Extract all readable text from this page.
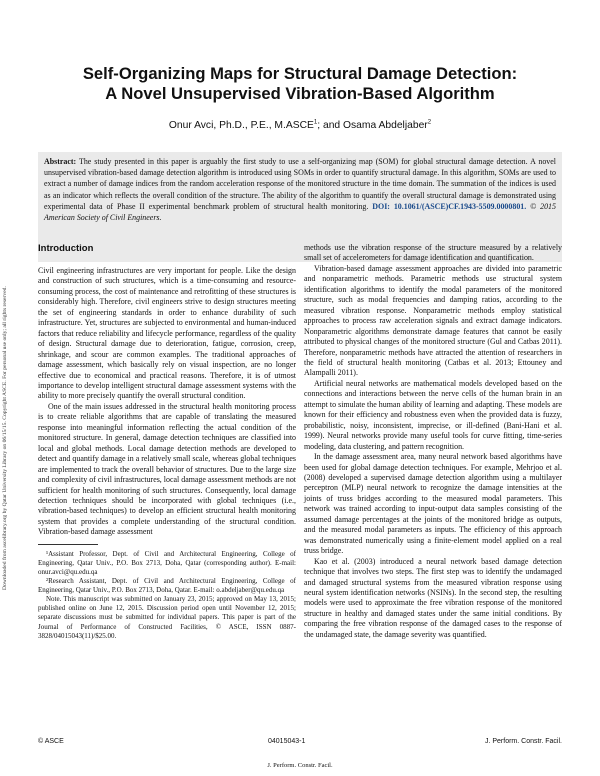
Downloaded from ascelibrary.org by Qatar University Library on 06/15/15. Copyright ASCE. For personal use only; all rights reserved.
Self-Organizing Maps for Structural Damage Detection:
A Novel Unsupervised Vibration-Based Algorithm
Onur Avci, Ph.D., P.E., M.ASCE$^1$; and Osama Abdeljaber$^2$
Abstract: The study presented in this paper is arguably the first study to use a self-organizing map (SOM) for global structural damage detection. A novel unsupervised vibration-based damage detection algorithm is introduced using SOMs in order to quantify structural damage. In this algorithm, SOMs are used to extract a number of damage indices from the random acceleration response of the monitored structure in the time domain. The summation of the indices is used as an indicator which reflects the overall condition of the structure. The ability of the algorithm to quantify the overall structural damage is demonstrated using experimental data of Phase II experimental benchmark problem of structural health monitoring. DOI: 10.1061/(ASCE)CF.1943-5509.0000801. © 2015 American Society of Civil Engineers.
Introduction

Civil engineering infrastructures are very important for people. Like the design and construction of such structures, which is a time-consuming and resource-consuming process, the cost of maintenance and retrofitting of these structures is considerably high. Therefore, civil engineers strive to design structures meeting the set of engineering standards in order to enhance durability of such infrastructure. Yet, structures are subjected to environmental and human-induced factors that reduce reliability and lifecycle performance, regardless of the quality of design. Structural damage due to deterioration, fatigue, corrosion, creep, shrinkage, and scour are common examples. The traditional approaches of damage assessment, which basically rely on visual inspection, are no longer effective due to economical and practical reasons. Therefore, it is of utmost importance to develop intelligent structural damage assessment systems with the ability to more precisely quantify the overall structural condition.

One of the main issues addressed in the structural health monitoring process is to create reliable algorithms that are capable of translating the measured response into meaningful information reflecting the actual condition of the monitored structure. In general, damage detection techniques are classified into local and global methods. Local damage detection methods are developed to detect and quantify damage in a relatively small scale, whereas global techniques are implemented to track the overall behavior of structures. Due to the large size and complexity of civil infrastructures, local damage assessment methods are not sufficient for health monitoring of such structures. Consequently, local damage detection techniques should be incorporated with global techniques (i.e., vibration-based techniques) to develop an efficient structural health monitoring system that provides a complete understanding of the structural condition. Vibration-based damage assessment

¹Assistant Professor, Dept. of Civil and Architectural Engineering, College of Engineering, Qatar Univ., P.O. Box 2713, Doha, Qatar (corresponding author). E-mail: onur.avci@qu.edu.qa

²Research Assistant, Dept. of Civil and Architectural Engineering, College of Engineering, Qatar Univ., P.O. Box 2713, Doha, Qatar. E-mail: o.abdeljaber@qu.edu.qa

Note. This manuscript was submitted on January 23, 2015; approved on May 13, 2015; published online on June 12, 2015. Discussion period open until November 12, 2015; separate discussions must be submitted for individual papers. This paper is part of the Journal of Performance of Constructed Facilities, © ASCE, ISSN 0887-3828/04015043(11)/$25.00.

methods use the vibration response of the structure measured by a relatively small set of accelerometers for damage identification and quantification.

Vibration-based damage assessment approaches are divided into parametric and nonparametric methods. Parametric methods use structural system identification algorithms to identify the modal parameters of the monitored structure, such as modal frequencies and damping ratios, according to the measured vibration response. Nonparametric methods employ statistical approaches to process raw acceleration signals and extract damage indicators. Nonparametric algorithms demonstrate damage features that cannot be easily attributed to physical changes of the monitored structure (Gul and Catbas 2011). Therefore, nonparametric methods have attracted the attention of researchers in the field of structural health monitoring (Catbas et al. 2013; Ettouney and Alampalli 2011).

Artificial neural networks are mathematical models developed based on the connections and interactions between the nerve cells of the human brain in an attempt to simulate the human ability of learning and adapting. These models are known for their efficiency and robustness even when the provided data is fuzzy, probabilistic, noisy, inconsistent, imprecise, or ill-defined (Bani-Hani et al. 1999). Neural networks provide many useful tools for curve fitting, time-series modeling, data clustering, and pattern recognition.

In the damage assessment area, many neural network based algorithms have been used for global damage detection techniques. For example, Mehrjoo et al. (2008) developed a supervised damage detection algorithm using a multilayer perceptron (MLP) neural network to recognize the damage intensities at the joints of truss bridges according to the measured modal parameters. This network was trained according to input-output data samples consisting of the assumed damage percentages at the joints of the monitored bridge as outputs, and the measured modal parameters as inputs. The efficiency of this approach was demonstrated numerically using a finite-element model applied on a real truss bridge.

Kao et al. (2003) introduced a neural network based damage detection technique that involves two steps. The first step was to identify the undamaged and damaged structural systems from the measured vibration response using neural system identification networks (NSINs). In the second step, the resulting models were used to approximate the free vibration response of the monitored structure in healthy and damaged states under the same initial conditions. By comparing the free vibration response of the damaged cases to the response of the undamaged state, the damage severity was quantified.

© ASCE	04015043-1	J. Perform. Constr. Facil.
J. Perform. Constr. Facil.
